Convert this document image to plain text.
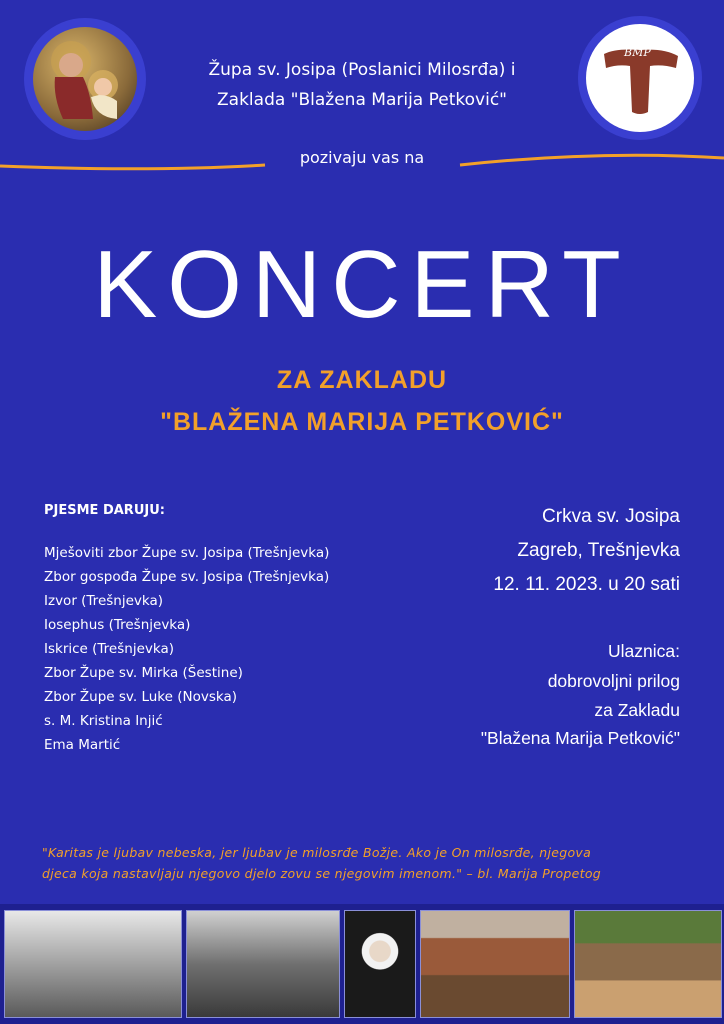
BMP
Župa sv. Josipa (Poslanici Milosrđa) i
Zaklada "Blažena Marija Petković"
pozivaju vas na
KONCERT
ZA ZAKLADU
"BLAŽENA MARIJA PETKOVIĆ"
PJESME DARUJU:
Mješoviti zbor Župe sv. Josipa (Trešnjevka)
Zbor gospođa Župe sv. Josipa (Trešnjevka)
Izvor (Trešnjevka)
Iosephus (Trešnjevka)
Iskrice (Trešnjevka)
Zbor Župe sv. Mirka (Šestine)
Zbor Župe sv. Luke (Novska)
s. M. Kristina Injić
Ema Martić
Crkva sv. Josipa
Zagreb, Trešnjevka
12. 11. 2023. u 20 sati
Ulaznica:
dobrovoljni prilog
za Zakladu
"Blažena Marija Petković"
"Karitas je ljubav nebeska, jer ljubav je milosrđe Božje. Ako je On milosrđe, njegova
djeca koja nastavljaju njegovo djelo zovu se njegovim imenom." – bl. Marija Propetog
